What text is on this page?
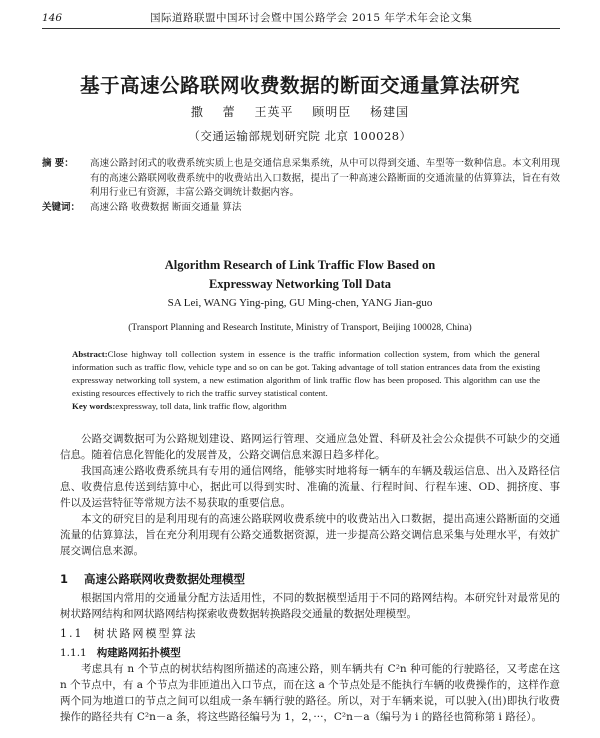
146	国际道路联盟中国环讨会暨中国公路学会 2015 年学术年会论文集
基于高速公路联网收费数据的断面交通量算法研究
撒 蕾 王英平 顾明臣 杨建国
（交通运输部规划研究院 北京 100028）
摘 要：	高速公路封闭式的收费系统实质上也是交通信息采集系统，从中可以得到交通、车型等一数种信息。本文利用现有的高速公路联网收费系统中的收费站出入口数据，提出了一种高速公路断面的交通流量的估算算法，旨在有效利用行业已有资源，丰富公路交调统计数据内容。
关键词：	高速公路 收费数据 断面交通量 算法
Algorithm Research of Link Traffic Flow Based on
Expressway Networking Toll Data
SA Lei, WANG Ying-ping, GU Ming-chen, YANG Jian-guo
(Transport Planning and Research Institute, Ministry of Transport, Beijing 100028, China)
Abstract:Close highway toll collection system in essence is the traffic information collection system, from which the general information such as traffic flow, vehicle type and so on can be got. Taking advantage of toll station entrances data from the existing expressway networking toll system, a new estimation algorithm of link traffic flow has been proposed. This algorithm can use the existing resources effectively to rich the traffic survey statistical content.
Key words:expressway, toll data, link traffic flow, algorithm

公路交调数据可为公路规划建设、路网运行管理、交通应急处置、科研及社会公众提供不可缺少的交通信息。随着信息化智能化的发展普及，公路交调信息来源日趋多样化。

我国高速公路收费系统具有专用的通信网络，能够实时地将每一辆车的车辆及载运信息、出入及路径信息、收费信息传送到结算中心，据此可以得到实时、准确的流量、行程时间、行程车速、OD、拥挤度、事件以及运营特征等常规方法不易获取的重要信息。

本文的研究目的是利用现有的高速公路联网收费系统中的收费站出入口数据，提出高速公路断面的交通流量的估算算法，旨在充分利用现有公路交通数据资源，进一步提高公路交调信息采集与处理水平，有效扩展交调信息来源。

1 高速公路联网收费数据处理模型

根据国内常用的交通量分配方法适用性，不同的数据模型适用于不同的路网结构。本研究针对最常见的树状路网结构和网状路网结构探索收费数据转换路段交通量的数据处理模型。

1.1 树状路网模型算法
1.1.1 构建路网拓扑模型

考虑具有 n 个节点的树状结构图所描述的高速公路，则车辆共有 C²n 种可能的行驶路径，又考虑在这 n 个节点中，有 a 个节点为非匝道出入口节点，而在这 a 个节点处是不能执行车辆的收费操作的，这样作意两个同为地道口的节点之间可以组成一条车辆行驶的路径。所以，对于车辆来说，可以驶入(出)即执行收费操作的路径共有 C²n－a 条，将这些路径编号为 1，2，···，C²n－a（编号为 i 的路径也简称第 i 路径）。
